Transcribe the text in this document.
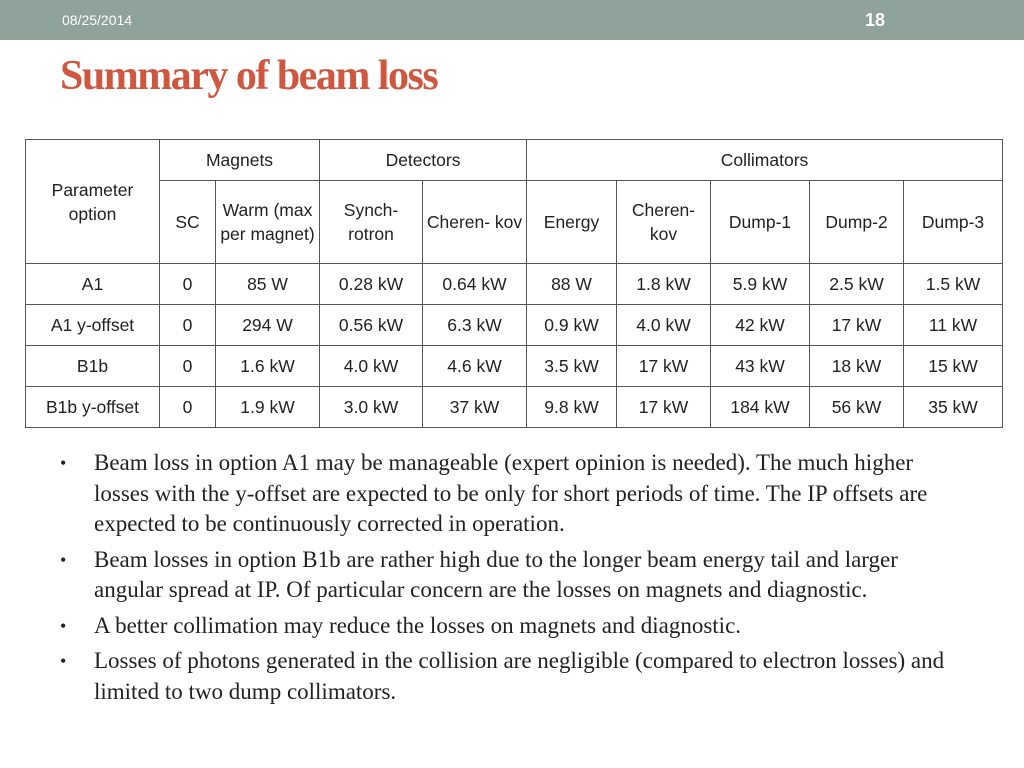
08/25/2014	18
Summary of beam loss
Parameter option	Magnets		Detectors		Collimators				
	SC	Warm (max per magnet)	Synch- rotron	Cheren- kov	Energy	Cheren- kov	Dump-1	Dump-2	Dump-3
A1	0	85 W	0.28 kW	0.64 kW	88 W	1.8 kW	5.9 kW	2.5 kW	1.5 kW
A1 y-offset	0	294 W	0.56 kW	6.3 kW	0.9 kW	4.0 kW	42 kW	17 kW	11 kW
B1b	0	1.6 kW	4.0 kW	4.6 kW	3.5 kW	17 kW	43 kW	18 kW	15 kW
B1b y-offset	0	1.9 kW	3.0 kW	37 kW	9.8 kW	17 kW	184 kW	56 kW	35 kW
• Beam loss in option A1 may be manageable (expert opinion is needed). The much higher losses with the y-offset are expected to be only for short periods of time. The IP offsets are expected to be continuously corrected in operation.
• Beam losses in option B1b are rather high due to the longer beam energy tail and larger angular spread at IP. Of particular concern are the losses on magnets and diagnostic.
• A better collimation may reduce the losses on magnets and diagnostic.
• Losses of photons generated in the collision are negligible (compared to electron losses) and limited to two dump collimators.
